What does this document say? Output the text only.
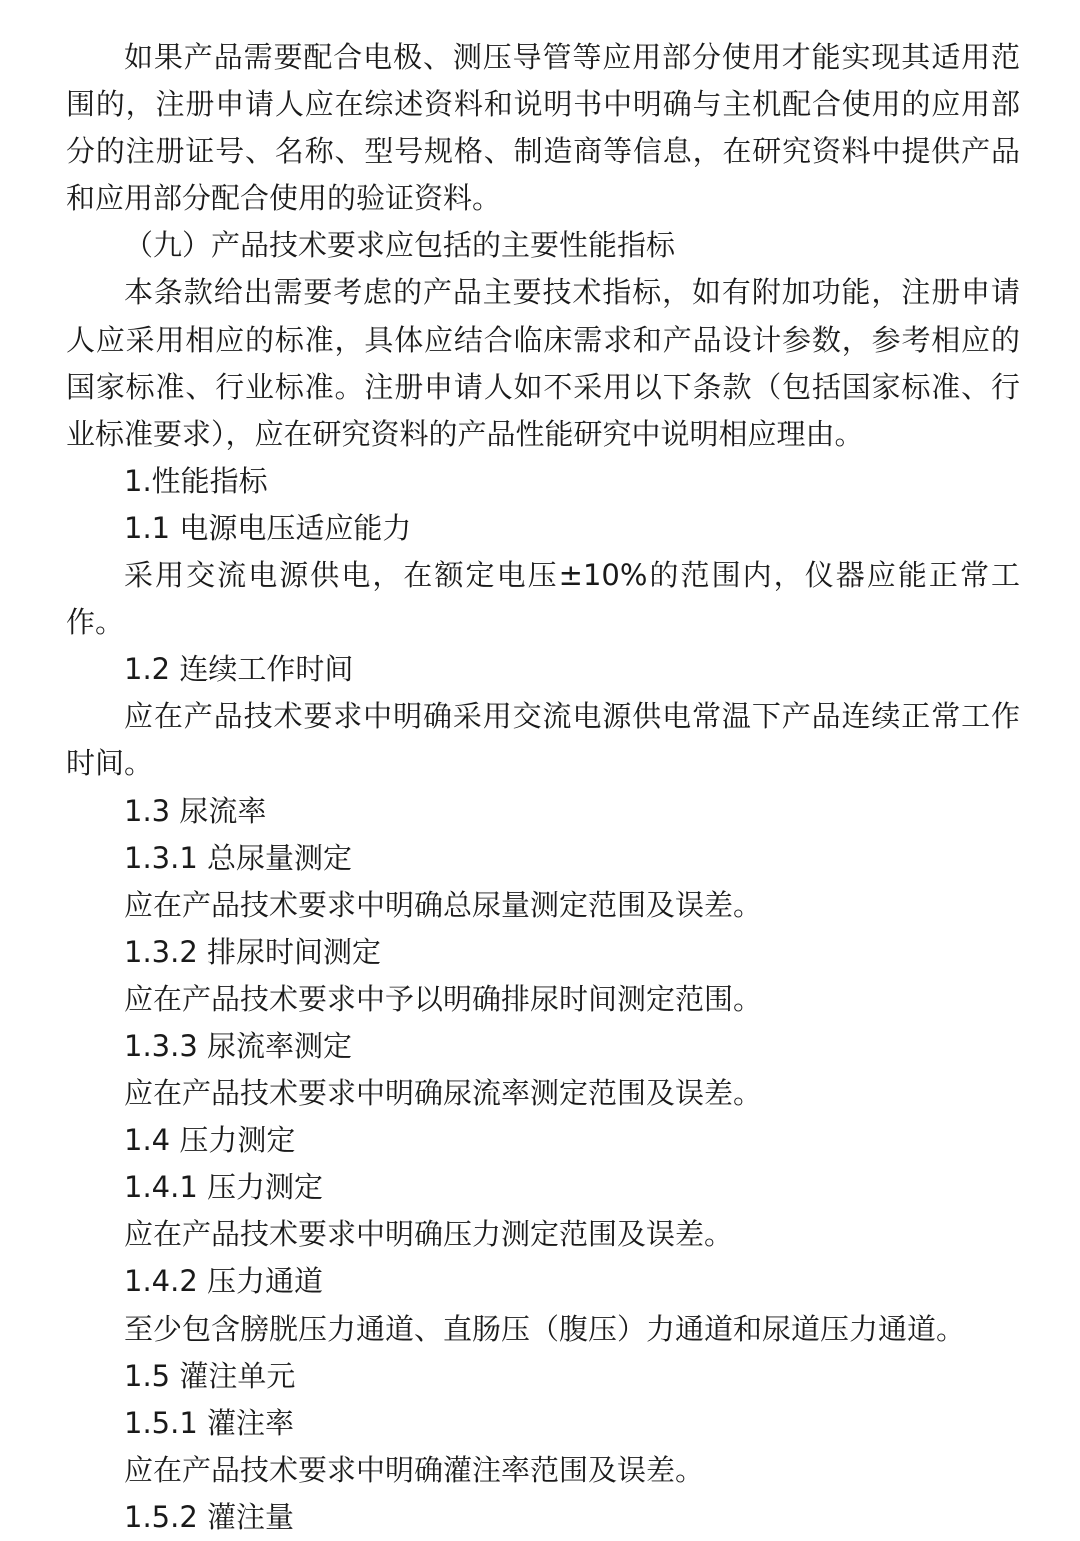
如果产品需要配合电极、测压导管等应用部分使用才能实现其适用范围的，注册申请人应在综述资料和说明书中明确与主机配合使用的应用部分的注册证号、名称、型号规格、制造商等信息，在研究资料中提供产品和应用部分配合使用的验证资料。

（九）产品技术要求应包括的主要性能指标

本条款给出需要考虑的产品主要技术指标，如有附加功能，注册申请人应采用相应的标准，具体应结合临床需求和产品设计参数，参考相应的国家标准、行业标准。注册申请人如不采用以下条款（包括国家标准、行业标准要求），应在研究资料的产品性能研究中说明相应理由。

1.性能指标

1.1 电源电压适应能力

采用交流电源供电，在额定电压±10%的范围内，仪器应能正常工作。

1.2 连续工作时间

应在产品技术要求中明确采用交流电源供电常温下产品连续正常工作时间。

1.3 尿流率

1.3.1 总尿量测定

应在产品技术要求中明确总尿量测定范围及误差。

1.3.2 排尿时间测定

应在产品技术要求中予以明确排尿时间测定范围。

1.3.3 尿流率测定

应在产品技术要求中明确尿流率测定范围及误差。

1.4 压力测定

1.4.1 压力测定

应在产品技术要求中明确压力测定范围及误差。

1.4.2 压力通道

至少包含膀胱压力通道、直肠压（腹压）力通道和尿道压力通道。

1.5 灌注单元

1.5.1 灌注率

应在产品技术要求中明确灌注率范围及误差。

1.5.2 灌注量
